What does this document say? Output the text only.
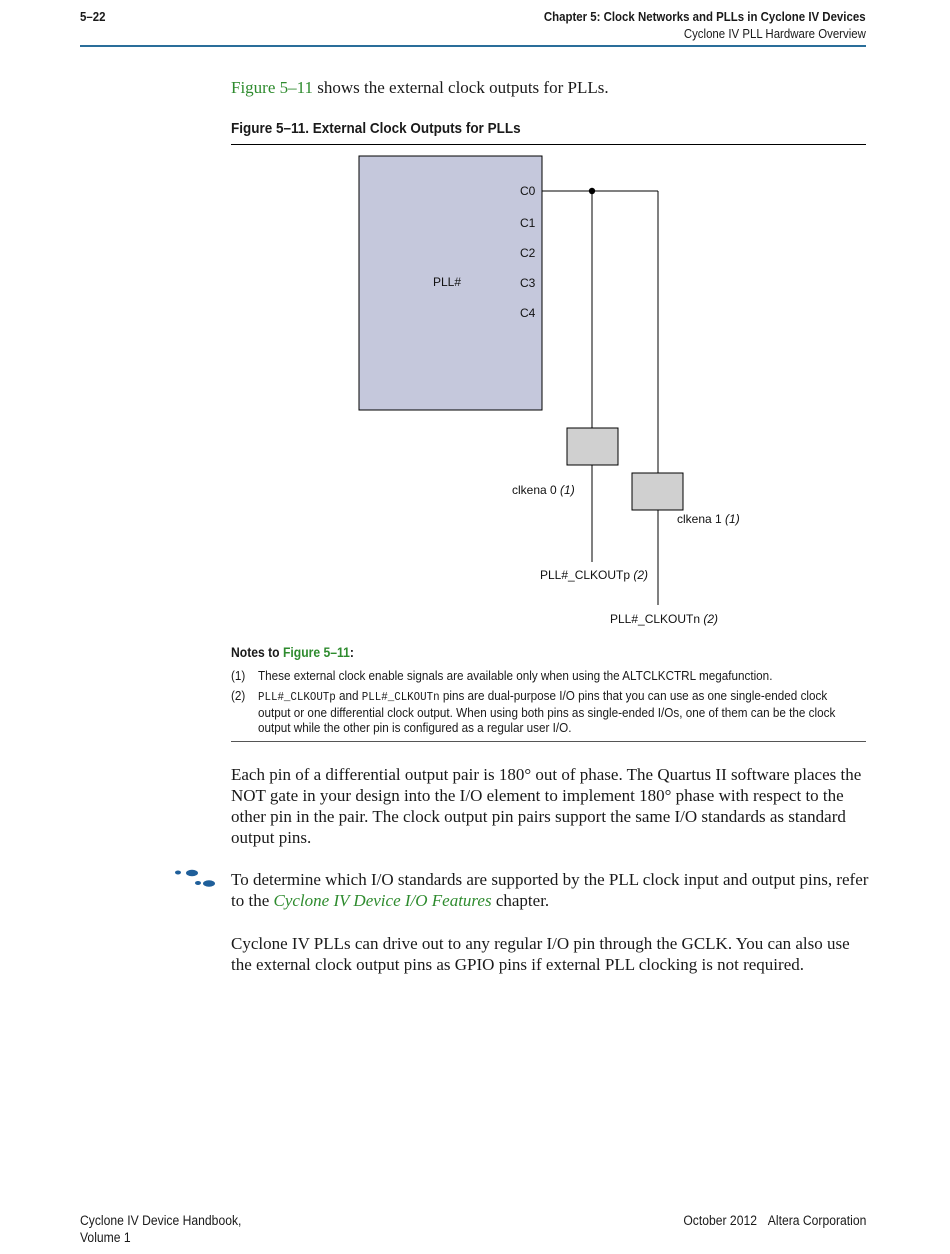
5–22	Chapter 5: Clock Networks and PLLs in Cyclone IV Devices
Cyclone IV PLL Hardware Overview
Figure 5–11 shows the external clock outputs for PLLs.
Figure 5–11. External Clock Outputs for PLLs
PLL#
C0
C1
C2
C3
C4
clkena 0 (1)
clkena 1 (1)
PLL#_CLKOUTp (2)
PLL#_CLKOUTn (2)
Notes to Figure 5–11:
(1) These external clock enable signals are available only when using the ALTCLKCTRL megafunction.
(2) PLL#_CLKOUTp and PLL#_CLKOUTn pins are dual-purpose I/O pins that you can use as one single-ended clock output or one differential clock output. When using both pins as single-ended I/Os, one of them can be the clock output while the other pin is configured as a regular user I/O.
Each pin of a differential output pair is 180° out of phase. The Quartus II software places the NOT gate in your design into the I/O element to implement 180° phase with respect to the other pin in the pair. The clock output pin pairs support the same I/O standards as standard output pins.
To determine which I/O standards are supported by the PLL clock input and output pins, refer to the Cyclone IV Device I/O Features chapter.
Cyclone IV PLLs can drive out to any regular I/O pin through the GCLK. You can also use the external clock output pins as GPIO pins if external PLL clocking is not required.
Cyclone IV Device Handbook,
Volume 1
October 2012 Altera Corporation
